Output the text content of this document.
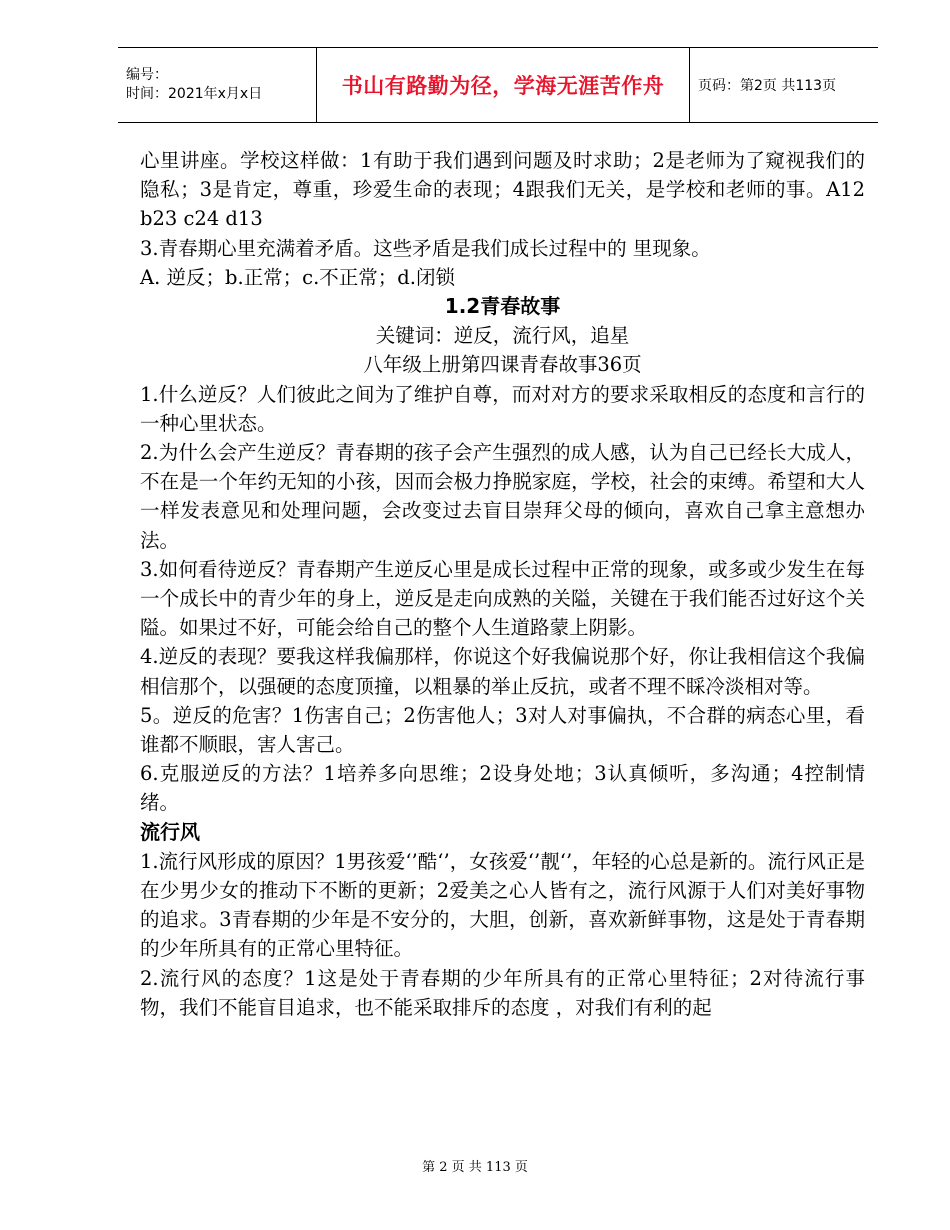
编号：
时间：2021年x月x日	书山有路勤为径，学海无涯苦作舟	页码：第2页 共113页

心里讲座。学校这样做：1有助于我们遇到问题及时求助；2是老师为了窥视我们的隐私；3是肯定，尊重，珍爱生命的表现；4跟我们无关，是学校和老师的事。A12 b23 c24 d13

3.青春期心里充满着矛盾。这些矛盾是我们成长过程中的 里现象。

A. 逆反；b.正常；c.不正常；d.闭锁

1.2青春故事

关键词：逆反，流行风，追星

八年级上册第四课青春故事36页

1.什么逆反？人们彼此之间为了维护自尊，而对对方的要求采取相反的态度和言行的一种心里状态。

2.为什么会产生逆反？青春期的孩子会产生强烈的成人感，认为自己已经长大成人，不在是一个年约无知的小孩，因而会极力挣脱家庭，学校，社会的束缚。希望和大人一样发表意见和处理问题，会改变过去盲目崇拜父母的倾向，喜欢自己拿主意想办法。

3.如何看待逆反？青春期产生逆反心里是成长过程中正常的现象，或多或少发生在每一个成长中的青少年的身上，逆反是走向成熟的关隘，关键在于我们能否过好这个关隘。如果过不好，可能会给自己的整个人生道路蒙上阴影。

4.逆反的表现？要我这样我偏那样，你说这个好我偏说那个好，你让我相信这个我偏相信那个，以强硬的态度顶撞，以粗暴的举止反抗，或者不理不睬冷淡相对等。

5。逆反的危害？1伤害自己；2伤害他人；3对人对事偏执，不合群的病态心里，看谁都不顺眼，害人害己。

6.克服逆反的方法？1培养多向思维；2设身处地；3认真倾听，多沟通；4控制情绪。

流行风

1.流行风形成的原因？1男孩爱‘’酷‘’，女孩爱‘’靓‘’，年轻的心总是新的。流行风正是在少男少女的推动下不断的更新；2爱美之心人皆有之，流行风源于人们对美好事物的追求。3青春期的少年是不安分的，大胆，创新，喜欢新鲜事物，这是处于青春期的少年所具有的正常心里特征。

2.流行风的态度？1这是处于青春期的少年所具有的正常心里特征；2对待流行事物，我们不能盲目追求，也不能采取排斥的态度 ，对我们有利的起

第 2 页 共 113 页
